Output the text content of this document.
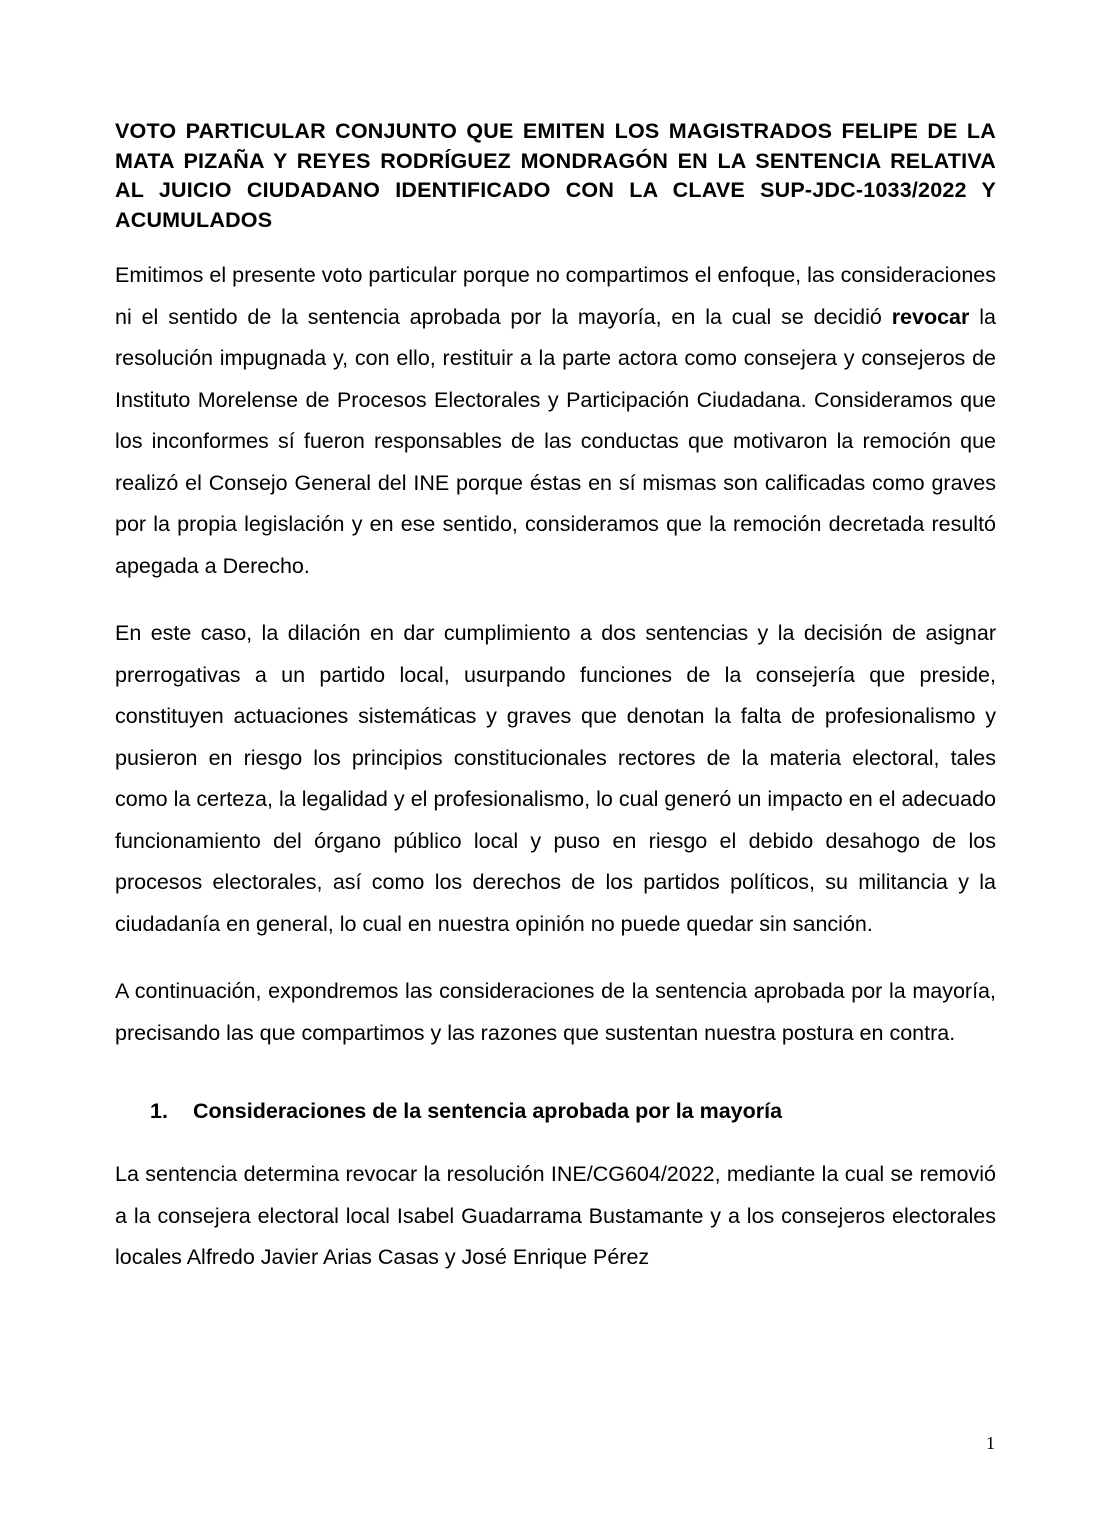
VOTO PARTICULAR CONJUNTO QUE EMITEN LOS MAGISTRADOS FELIPE DE LA MATA PIZAÑA Y REYES RODRÍGUEZ MONDRAGÓN EN LA SENTENCIA RELATIVA AL JUICIO CIUDADANO IDENTIFICADO CON LA CLAVE SUP-JDC-1033/2022 Y ACUMULADOS

Emitimos el presente voto particular porque no compartimos el enfoque, las consideraciones ni el sentido de la sentencia aprobada por la mayoría, en la cual se decidió revocar la resolución impugnada y, con ello, restituir a la parte actora como consejera y consejeros de Instituto Morelense de Procesos Electorales y Participación Ciudadana. Consideramos que los inconformes sí fueron responsables de las conductas que motivaron la remoción que realizó el Consejo General del INE porque éstas en sí mismas son calificadas como graves por la propia legislación y en ese sentido, consideramos que la remoción decretada resultó apegada a Derecho.

En este caso, la dilación en dar cumplimiento a dos sentencias y la decisión de asignar prerrogativas a un partido local, usurpando funciones de la consejería que preside, constituyen actuaciones sistemáticas y graves que denotan la falta de profesionalismo y pusieron en riesgo los principios constitucionales rectores de la materia electoral, tales como la certeza, la legalidad y el profesionalismo, lo cual generó un impacto en el adecuado funcionamiento del órgano público local y puso en riesgo el debido desahogo de los procesos electorales, así como los derechos de los partidos políticos, su militancia y la ciudadanía en general, lo cual en nuestra opinión no puede quedar sin sanción.

A continuación, expondremos las consideraciones de la sentencia aprobada por la mayoría, precisando las que compartimos y las razones que sustentan nuestra postura en contra.

1.	Consideraciones de la sentencia aprobada por la mayoría

La sentencia determina revocar la resolución INE/CG604/2022, mediante la cual se removió a la consejera electoral local Isabel Guadarrama Bustamante y a los consejeros electorales locales Alfredo Javier Arias Casas y José Enrique Pérez

1
